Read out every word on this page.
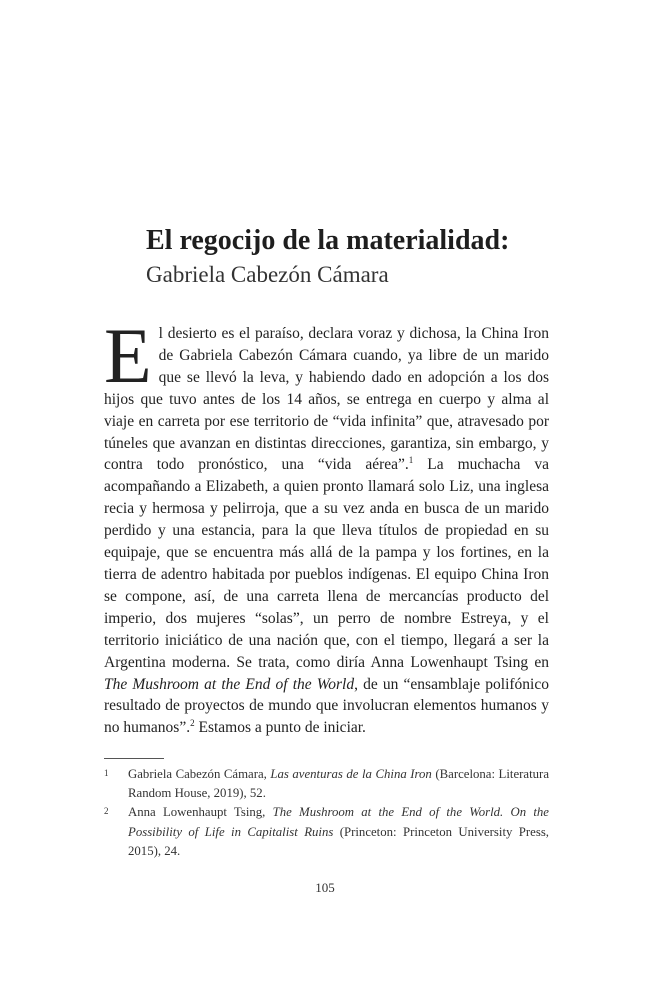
El regocijo de la materialidad:
Gabriela Cabezón Cámara

El desierto es el paraíso, declara voraz y dichosa, la China Iron de Gabriela Cabezón Cámara cuando, ya libre de un marido que se llevó la leva, y habiendo dado en adopción a los dos hijos que tuvo antes de los 14 años, se entrega en cuerpo y alma al viaje en carreta por ese territorio de “vida infinita” que, atravesado por túneles que avanzan en distintas direcciones, garantiza, sin embargo, y contra todo pronóstico, una “vida aérea”.$^1$ La muchacha va acompañando a Elizabeth, a quien pronto llamará solo Liz, una inglesa recia y hermosa y pelirroja, que a su vez anda en busca de un marido perdido y una estancia, para la que lleva títulos de propiedad en su equipaje, que se encuentra más allá de la pampa y los fortines, en la tierra de adentro habitada por pueblos indígenas. El equipo China Iron se compone, así, de una carreta llena de mercancías producto del imperio, dos mujeres “solas”, un perro de nombre Estreya, y el territorio iniciático de una nación que, con el tiempo, llegará a ser la Argentina moderna. Se trata, como diría Anna Lowenhaupt Tsing en The Mushroom at the End of the World, de un “ensamblaje polifónico resultado de proyectos de mundo que involucran elementos humanos y no humanos”.$^2$ Estamos a punto de iniciar.

1	Gabriela Cabezón Cámara, Las aventuras de la China Iron (Barcelona: Literatura Random House, 2019), 52.
2	Anna Lowenhaupt Tsing, The Mushroom at the End of the World. On the Possibility of Life in Capitalist Ruins (Princeton: Princeton University Press, 2015), 24.
105
